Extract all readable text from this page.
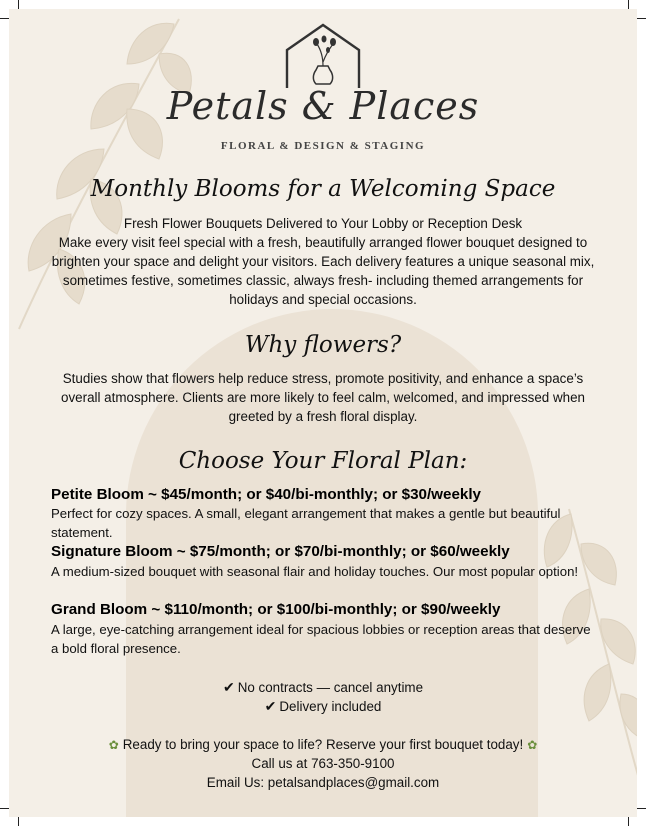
Petals & Places
FLORAL & DESIGN & STAGING
Monthly Blooms for a Welcoming Space
Fresh Flower Bouquets Delivered to Your Lobby or Reception Desk
Make every visit feel special with a fresh, beautifully arranged flower bouquet designed to brighten your space and delight your visitors. Each delivery features a unique seasonal mix, sometimes festive, sometimes classic, always fresh- including themed arrangements for holidays and special occasions.
Why flowers?
Studies show that flowers help reduce stress, promote positivity, and enhance a space’s overall atmosphere. Clients are more likely to feel calm, welcomed, and impressed when greeted by a fresh floral display.
Choose Your Floral Plan:
Petite Bloom ~ $45/month; or $40/bi-monthly; or $30/weekly
Perfect for cozy spaces. A small, elegant arrangement that makes a gentle but beautiful statement.
Signature Bloom ~ $75/month; or $70/bi-monthly; or $60/weekly
A medium-sized bouquet with seasonal flair and holiday touches. Our most popular option!
Grand Bloom ~ $110/month; or $100/bi-monthly; or $90/weekly
A large, eye-catching arrangement ideal for spacious lobbies or reception areas that deserve a bold floral presence.
✔ No contracts — cancel anytime
✔ Delivery included
✿ Ready to bring your space to life? Reserve your first bouquet today! ✿
Call us at 763-350-9100
Email Us: petalsandplaces@gmail.com
